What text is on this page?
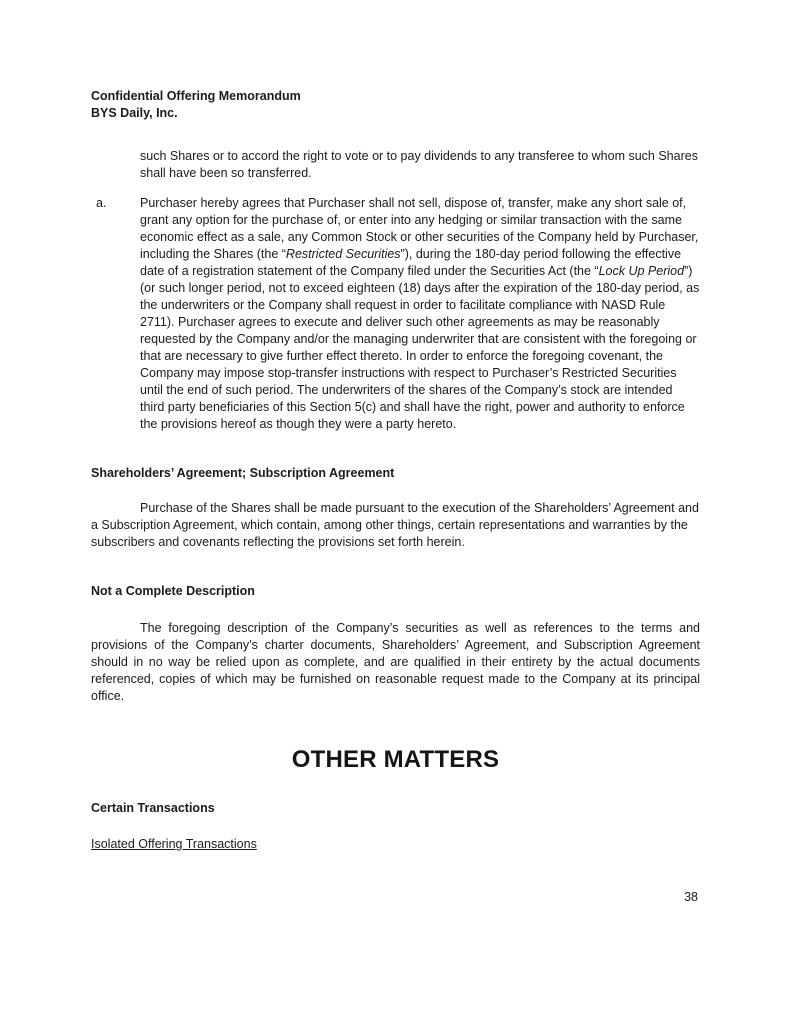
Confidential Offering Memorandum

BYS Daily, Inc.

such Shares or to accord the right to vote or to pay dividends to any transferee to whom such Shares shall have been so transferred.

a.	Purchaser hereby agrees that Purchaser shall not sell, dispose of, transfer, make any short sale of, grant any option for the purchase of, or enter into any hedging or similar transaction with the same economic effect as a sale, any Common Stock or other securities of the Company held by Purchaser, including the Shares (the “Restricted Securities”), during the 180-day period following the effective date of a registration statement of the Company filed under the Securities Act (the “Lock Up Period”) (or such longer period, not to exceed eighteen (18) days after the expiration of the 180-day period, as the underwriters or the Company shall request in order to facilitate compliance with NASD Rule 2711). Purchaser agrees to execute and deliver such other agreements as may be reasonably requested by the Company and/or the managing underwriter that are consistent with the foregoing or that are necessary to give further effect thereto. In order to enforce the foregoing covenant, the Company may impose stop-transfer instructions with respect to Purchaser’s Restricted Securities until the end of such period. The underwriters of the shares of the Company’s stock are intended third party beneficiaries of this Section 5(c) and shall have the right, power and authority to enforce the provisions hereof as though they were a party hereto.
Shareholders’ Agreement; Subscription Agreement

Purchase of the Shares shall be made pursuant to the execution of the Shareholders’ Agreement and a Subscription Agreement, which contain, among other things, certain representations and warranties by the subscribers and covenants reflecting the provisions set forth herein.

Not a Complete Description

The foregoing description of the Company’s securities as well as references to the terms and provisions of the Company’s charter documents, Shareholders’ Agreement, and Subscription Agreement should in no way be relied upon as complete, and are qualified in their entirety by the actual documents referenced, copies of which may be furnished on reasonable request made to the Company at its principal office.

OTHER MATTERS
Certain Transactions

Isolated Offering Transactions

38
